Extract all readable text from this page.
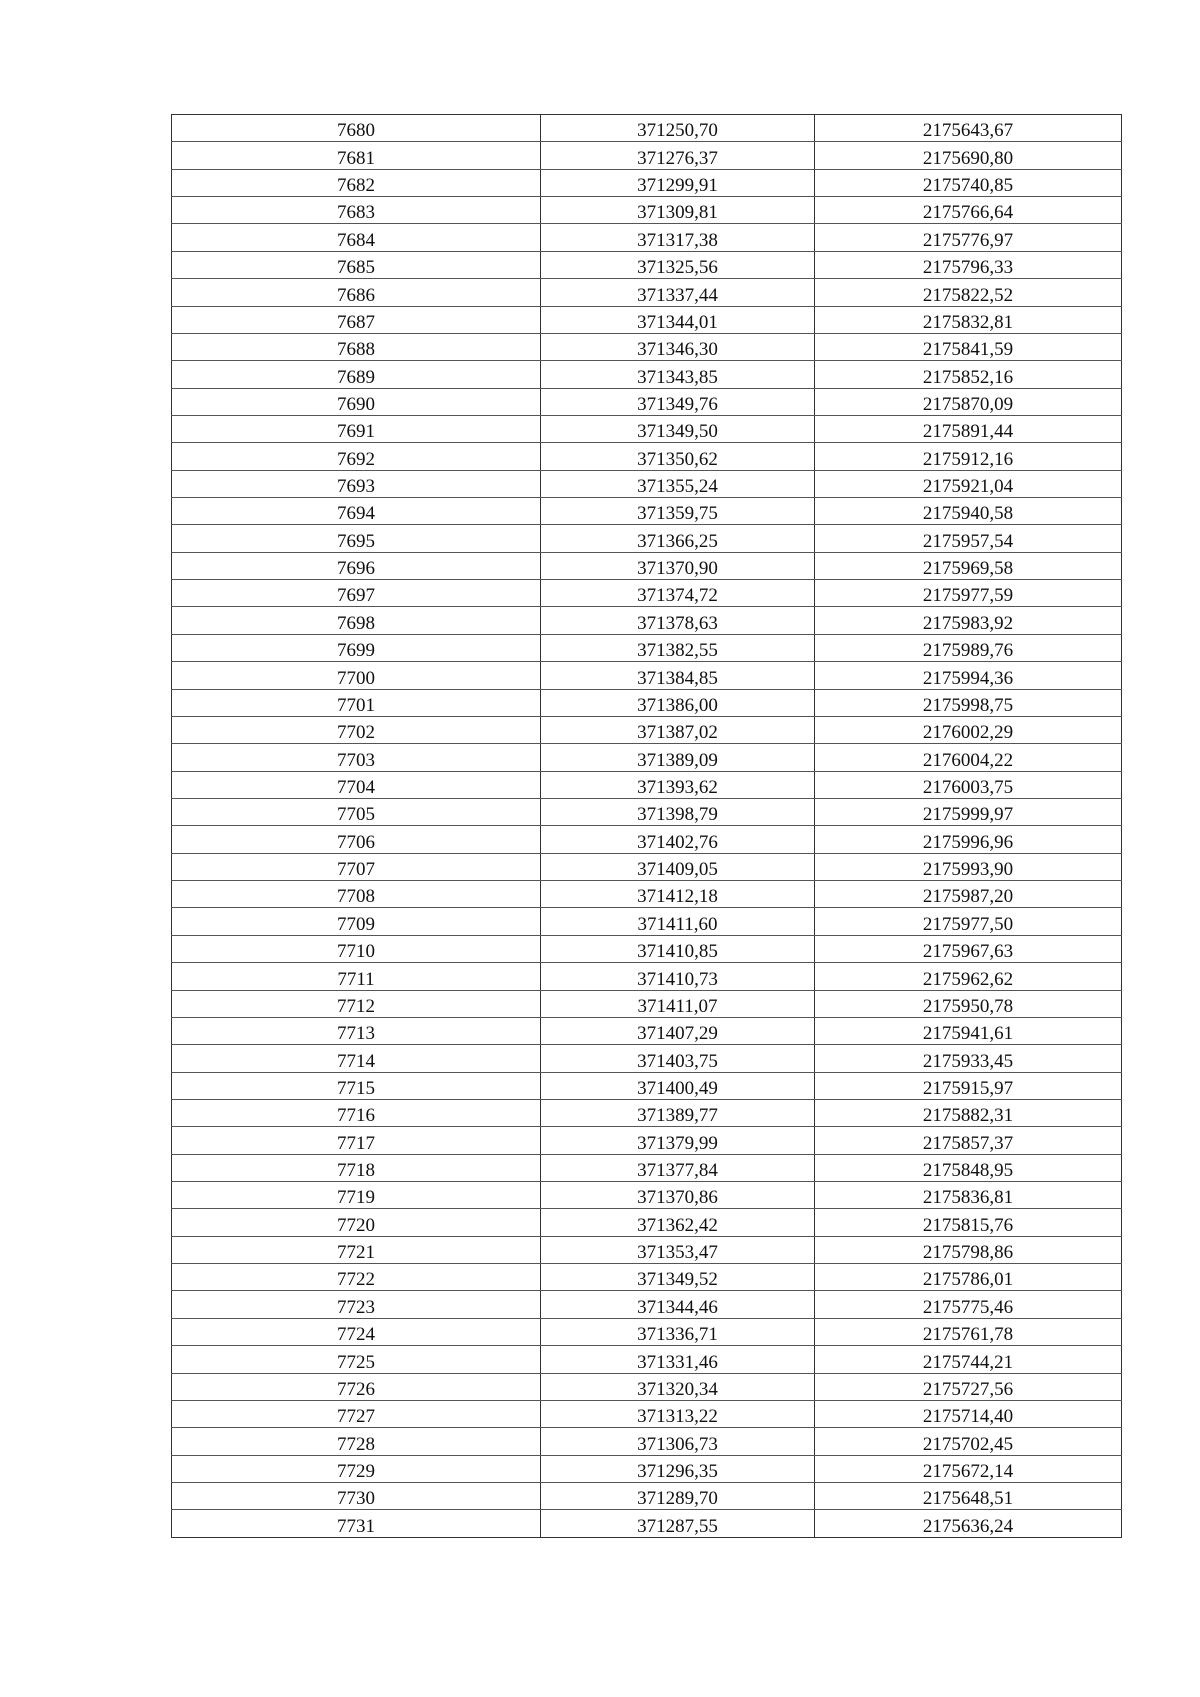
7680	371250,70	2175643,67
7681	371276,37	2175690,80
7682	371299,91	2175740,85
7683	371309,81	2175766,64
7684	371317,38	2175776,97
7685	371325,56	2175796,33
7686	371337,44	2175822,52
7687	371344,01	2175832,81
7688	371346,30	2175841,59
7689	371343,85	2175852,16
7690	371349,76	2175870,09
7691	371349,50	2175891,44
7692	371350,62	2175912,16
7693	371355,24	2175921,04
7694	371359,75	2175940,58
7695	371366,25	2175957,54
7696	371370,90	2175969,58
7697	371374,72	2175977,59
7698	371378,63	2175983,92
7699	371382,55	2175989,76
7700	371384,85	2175994,36
7701	371386,00	2175998,75
7702	371387,02	2176002,29
7703	371389,09	2176004,22
7704	371393,62	2176003,75
7705	371398,79	2175999,97
7706	371402,76	2175996,96
7707	371409,05	2175993,90
7708	371412,18	2175987,20
7709	371411,60	2175977,50
7710	371410,85	2175967,63
7711	371410,73	2175962,62
7712	371411,07	2175950,78
7713	371407,29	2175941,61
7714	371403,75	2175933,45
7715	371400,49	2175915,97
7716	371389,77	2175882,31
7717	371379,99	2175857,37
7718	371377,84	2175848,95
7719	371370,86	2175836,81
7720	371362,42	2175815,76
7721	371353,47	2175798,86
7722	371349,52	2175786,01
7723	371344,46	2175775,46
7724	371336,71	2175761,78
7725	371331,46	2175744,21
7726	371320,34	2175727,56
7727	371313,22	2175714,40
7728	371306,73	2175702,45
7729	371296,35	2175672,14
7730	371289,70	2175648,51
7731	371287,55	2175636,24
